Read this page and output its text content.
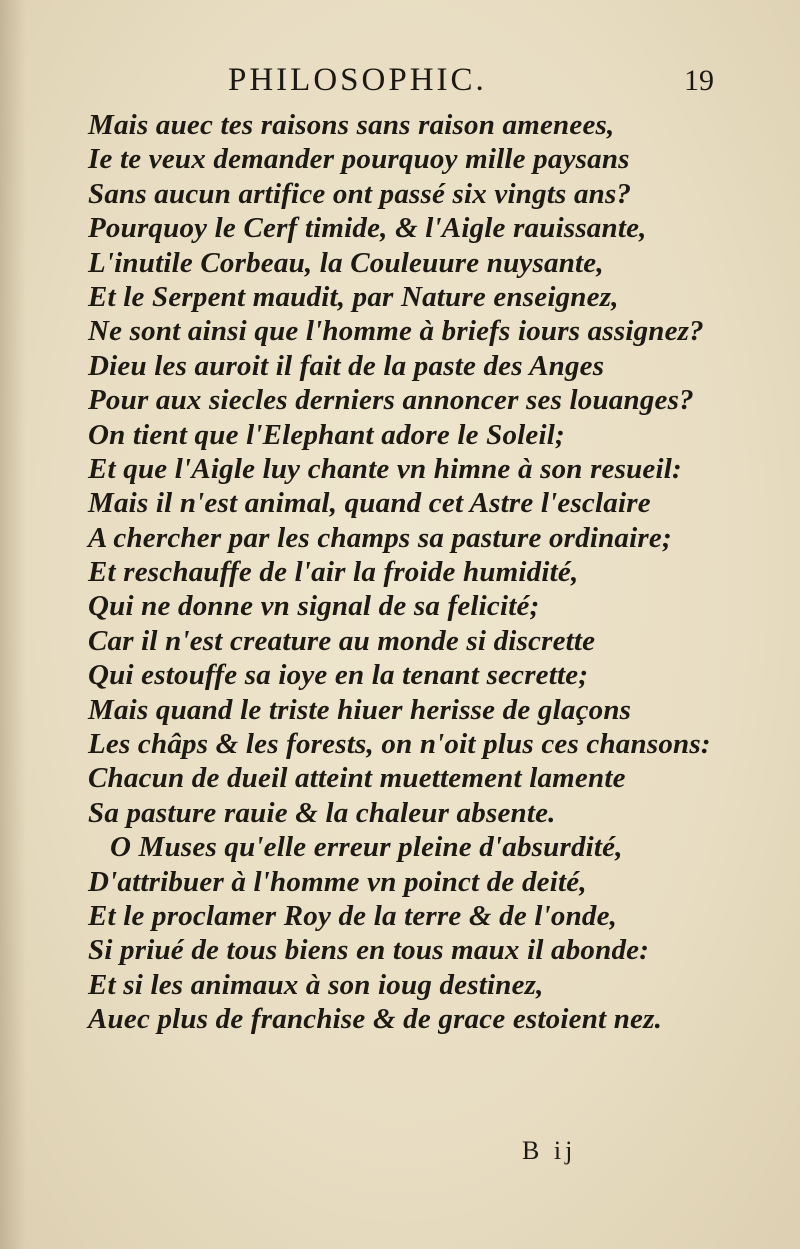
PHILOSOPHIC.	19
Mais auec tes raisons sans raison amenees,
Ie te veux demander pourquoy mille paysans
Sans aucun artifice ont passé six vingts ans?
Pourquoy le Cerf timide, & l'Aigle rauissante,
L'inutile Corbeau, la Couleuure nuysante,
Et le Serpent maudit, par Nature enseignez,
Ne sont ainsi que l'homme à briefs iours assignez?
Dieu les auroit il fait de la paste des Anges
Pour aux siecles derniers annoncer ses louanges?
On tient que l'Elephant adore le Soleil;
Et que l'Aigle luy chante vn himne à son resueil:
Mais il n'est animal, quand cet Astre l'esclaire
A chercher par les champs sa pasture ordinaire;
Et reschauffe de l'air la froide humidité,
Qui ne donne vn signal de sa felicité;
Car il n'est creature au monde si discrette
Qui estouffe sa ioye en la tenant secrette;
Mais quand le triste hiuer herisse de glaçons
Les châps & les forests, on n'oit plus ces chansons:
Chacun de dueil atteint muettement lamente
Sa pasture rauie & la chaleur absente.
O Muses qu'elle erreur pleine d'absurdité,
D'attribuer à l'homme vn poinct de deité,
Et le proclamer Roy de la terre & de l'onde,
Si priué de tous biens en tous maux il abonde:
Et si les animaux à son ioug destinez,
Auec plus de franchise & de grace estoient nez.
B ij
